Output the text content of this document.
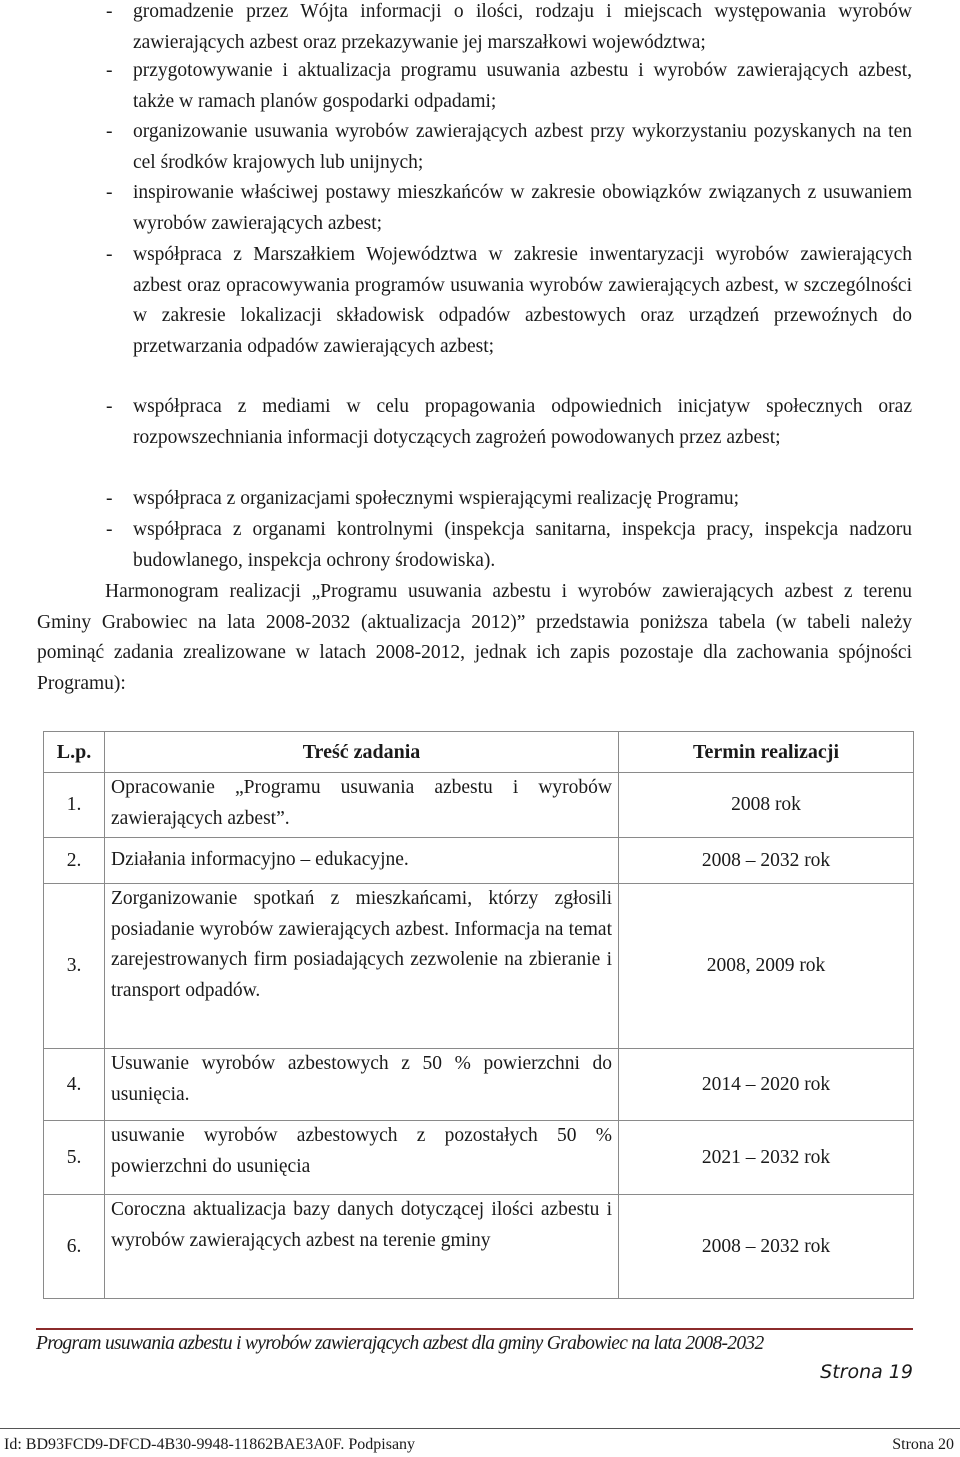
- gromadzenie przez Wójta informacji o ilości, rodzaju i miejscach występowania wyrobów zawierających azbest oraz przekazywanie jej marszałkowi województwa;

- przygotowywanie i aktualizacja programu usuwania azbestu i wyrobów zawierających azbest, także w ramach planów gospodarki odpadami;

- organizowanie usuwania wyrobów zawierających azbest przy wykorzystaniu pozyskanych na ten cel środków krajowych lub unijnych;

- inspirowanie właściwej postawy mieszkańców w zakresie obowiązków związanych z usuwaniem wyrobów zawierających azbest;

- współpraca z Marszałkiem Województwa w zakresie inwentaryzacji wyrobów zawierających azbest oraz opracowywania programów usuwania wyrobów zawierających azbest, w szczególności w zakresie lokalizacji składowisk odpadów azbestowych oraz urządzeń przewoźnych do przetwarzania odpadów zawierających azbest;

- współpraca z mediami w celu propagowania odpowiednich inicjatyw społecznych oraz rozpowszechniania informacji dotyczących zagrożeń powodowanych przez azbest;

- współpraca z organizacjami społecznymi wspierającymi realizację Programu;

- współpraca z organami kontrolnymi (inspekcja sanitarna, inspekcja pracy, inspekcja nadzoru budowlanego, inspekcja ochrony środowiska).

Harmonogram realizacji „Programu usuwania azbestu i wyrobów zawierających azbest z terenu Gminy Grabowiec na lata 2008-2032 (aktualizacja 2012)” przedstawia poniższa tabela (w tabeli należy pominąć zadania zrealizowane w latach 2008-2012, jednak ich zapis pozostaje dla zachowania spójności Programu):

L.p.	Treść zadania	Termin realizacji
1.	Opracowanie „Programu usuwania azbestu i wyrobów zawierających azbest”.	2008 rok
2.	Działania informacyjno – edukacyjne.	2008 – 2032 rok
3.	Zorganizowanie spotkań z mieszkańcami, którzy zgłosili posiadanie wyrobów zawierających azbest. Informacja na temat zarejestrowanych firm posiadających zezwolenie na zbieranie i transport odpadów.	2008, 2009 rok
4.	Usuwanie wyrobów azbestowych z 50 % powierzchni do usunięcia.	2014 – 2020 rok
5.	usuwanie wyrobów azbestowych z pozostałych 50 % powierzchni do usunięcia	2021 – 2032 rok
6.	Coroczna aktualizacja bazy danych dotyczącej ilości azbestu i wyrobów zawierających azbest na terenie gminy	2008 – 2032 rok
Program usuwania azbestu i wyrobów zawierających azbest dla gminy Grabowiec na lata 2008-2032
Strona 19
Id: BD93FCD9-DFCD-4B30-9948-11862BAE3A0F. Podpisany	Strona 20
